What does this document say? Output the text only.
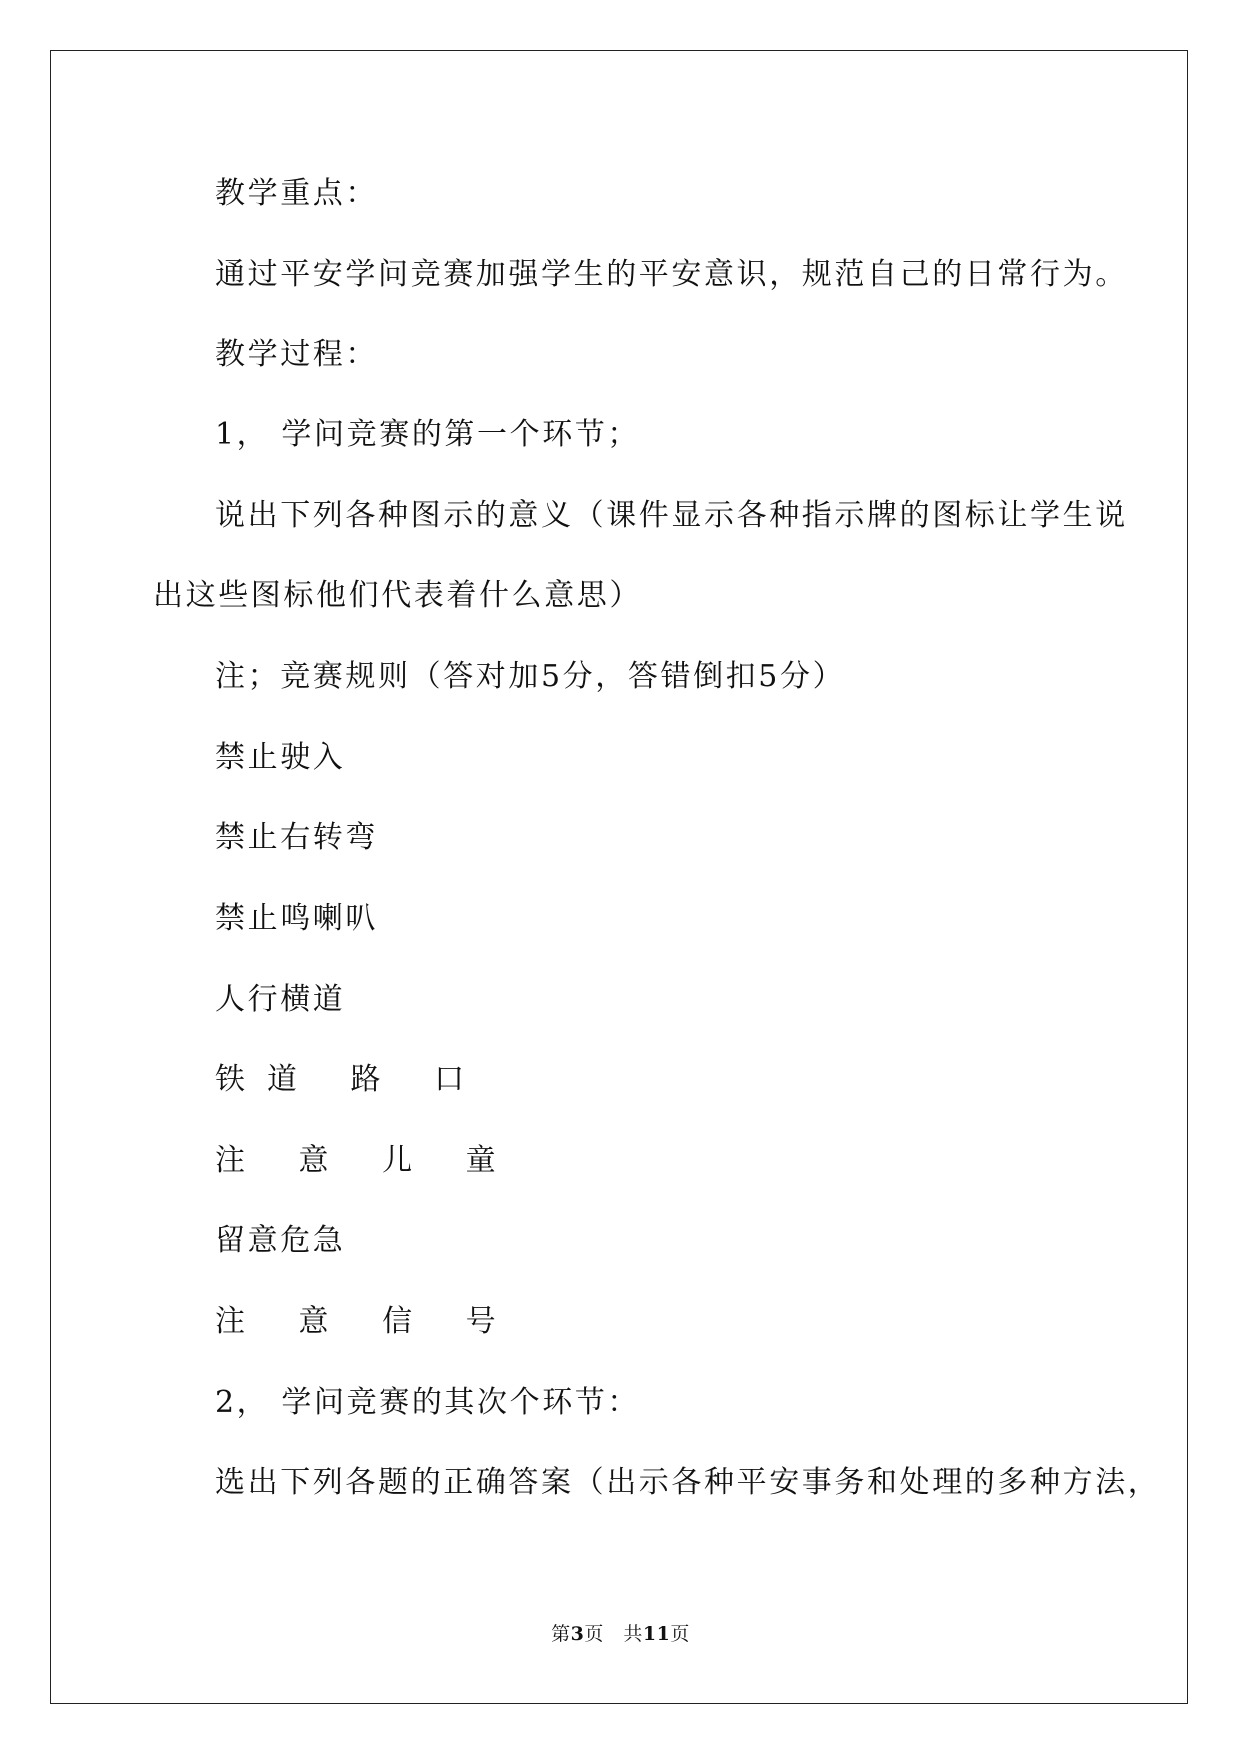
教学重点：
通过平安学问竞赛加强学生的平安意识，规范自己的日常行为。
教学过程：
1， 学问竞赛的第一个环节；
说出下列各种图示的意义（课件显示各种指示牌的图标让学生说
出这些图标他们代表着什么意思）
注；竞赛规则（答对加5分，答错倒扣5分）
禁止驶入
禁止右转弯
禁止鸣喇叭
人行横道
铁道 路 口
注 意 儿 童
留意危急
注 意 信 号
2， 学问竞赛的其次个环节：
选出下列各题的正确答案（出示各种平安事务和处理的多种方法，
第3页　共11页
